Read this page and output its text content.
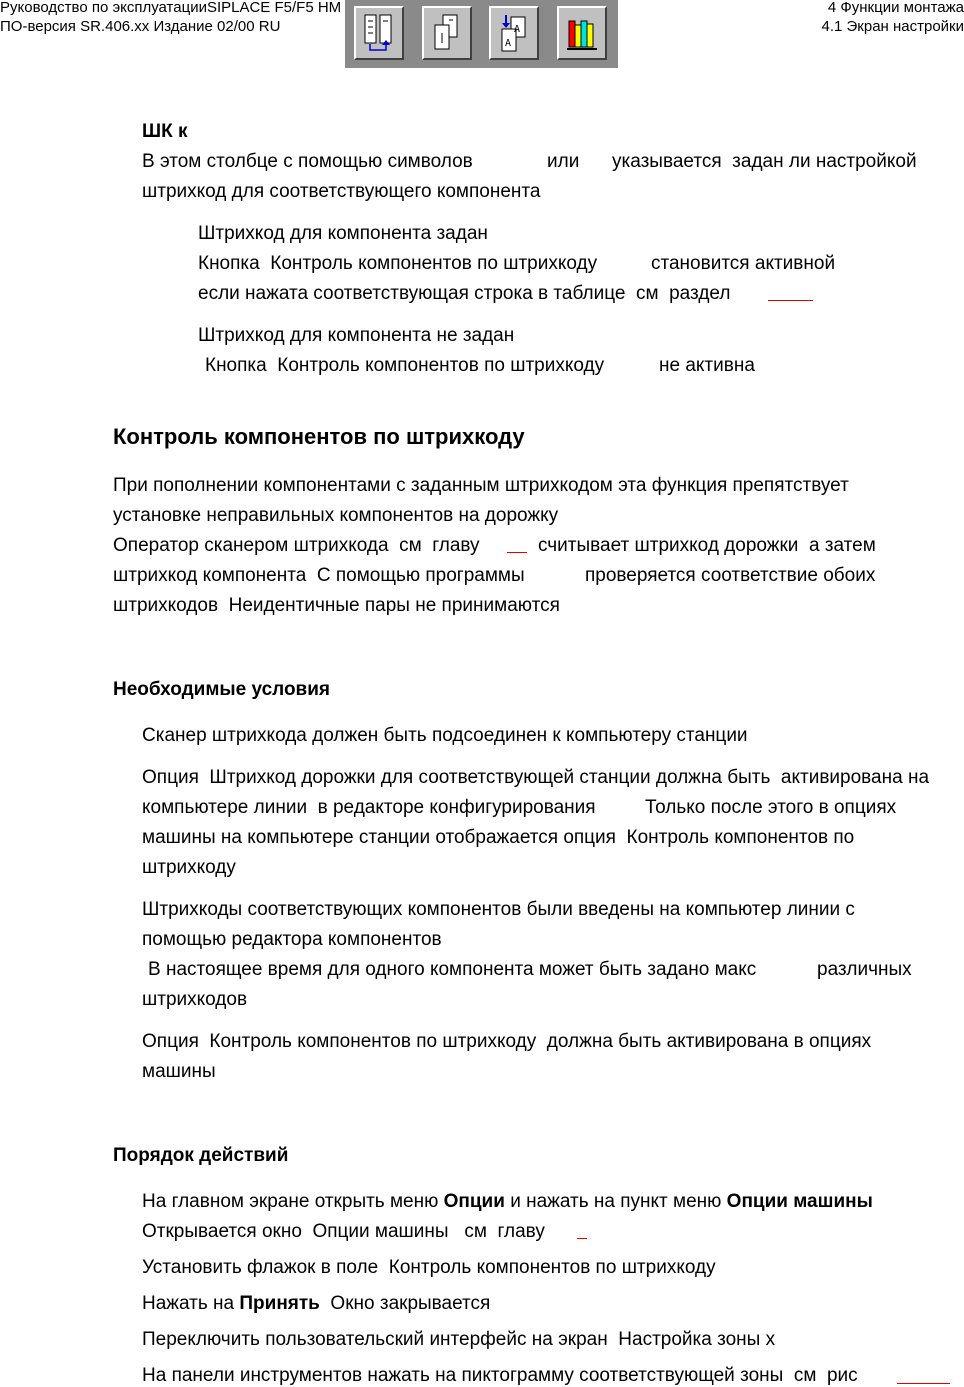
Руководство по эксплуатацииSIPLACE F5/F5 HM
ПО-версия SR.406.xx Издание 02/00 RU
4 Функции монтажа
4.1 Экран настройки
A
A
ШК к
В этом столбце с помощью символов	или указывается  задан ли настройкой
штрихкод для соответствующего компонента
Штрихкод для компонента задан
Кнопка  Контроль компонентов по штрихкоду	становится активной
если нажата соответствующая строка в таблице  см  раздел
Штрихкод для компонента не задан
Кнопка  Контроль компонентов по штрихкоду	не активна
Контроль компонентов по штрихкоду
При пополнении компонентами с заданным штрихкодом эта функция препятствует
установке неправильных компонентов на дорожку
Оператор сканером штрихкода  см  главу	считывает штрихкод дорожки  а затем
штрихкод компонента  С помощью программы	проверяется соответствие обоих
штрихкодов  Неидентичные пары не принимаются
Необходимые условия
Сканер штрихкода должен быть подсоединен к компьютеру станции
Опция  Штрихкод дорожки для соответствующей станции должна быть  активирована на
компьютере линии  в редакторе конфигурирования	Только после этого в опциях
машины на компьютере станции отображается опция  Контроль компонентов по
штрихкоду
Штрихкоды соответствующих компонентов были введены на компьютер линии с
помощью редактора компонентов
В настоящее время для одного компонента может быть задано макс	различных
штрихкодов
Опция  Контроль компонентов по штрихкоду  должна быть активирована в опциях
машины
Порядок действий
На главном экране открыть меню Опции и нажать на пункт меню Опции машины
Открывается окно  Опции машины   см  главу
Установить флажок в поле  Контроль компонентов по штрихкоду
Нажать на Принять  Окно закрывается
Переключить пользовательский интерфейс на экран  Настройка зоны х
На панели инструментов нажать на пиктограмму соответствующей зоны  см  рис
